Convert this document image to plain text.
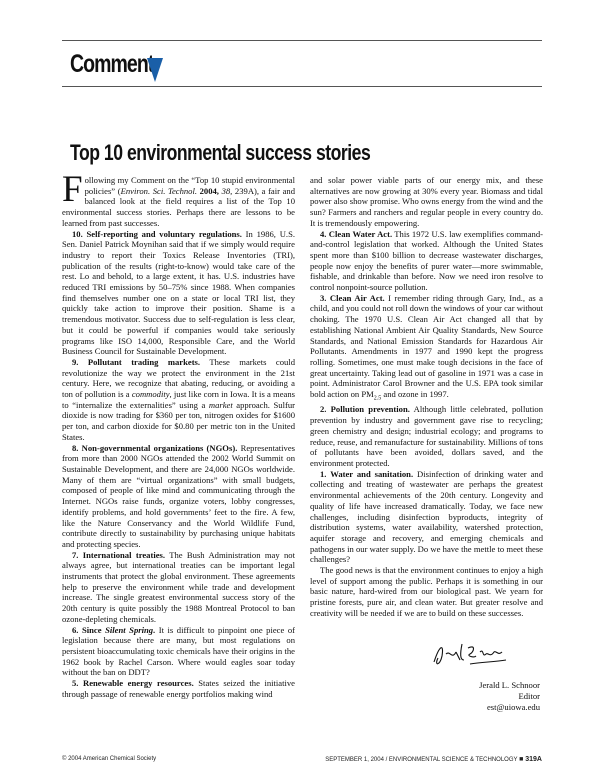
Comment
Top 10 environmental success stories

Following my Comment on the “Top 10 stupid environmental policies” (Environ. Sci. Technol. 2004, 38, 239A), a fair and balanced look at the field requires a list of the Top 10 environmental success stories. Perhaps there are lessons to be learned from past successes.

10. Self-reporting and voluntary regulations. In 1986, U.S. Sen. Daniel Patrick Moynihan said that if we simply would require industry to report their Toxics Release Inventories (TRI), publication of the results (right-to-know) would take care of the rest. Lo and behold, to a large extent, it has. U.S. industries have reduced TRI emissions by 50–75% since 1988. When companies find themselves number one on a state or local TRI list, they quickly take action to improve their position. Shame is a tremendous motivator. Success due to self-regulation is less clear, but it could be powerful if companies would take seriously programs like ISO 14,000, Responsible Care, and the World Business Council for Sustainable Development.

9. Pollutant trading markets. These markets could revolutionize the way we protect the environment in the 21st century. Here, we recognize that abating, reducing, or avoiding a ton of pollution is a commodity, just like corn in Iowa. It is a means to “internalize the externalities” using a market approach. Sulfur dioxide is now trading for $360 per ton, nitrogen oxides for $1600 per ton, and carbon dioxide for $0.80 per metric ton in the United States.

8. Non-governmental organizations (NGOs). Representatives from more than 2000 NGOs attended the 2002 World Summit on Sustainable Development, and there are 24,000 NGOs worldwide. Many of them are “virtual organizations” with small budgets, composed of people of like mind and communicating through the Internet. NGOs raise funds, organize voters, lobby congresses, identify problems, and hold governments’ feet to the fire. A few, like the Nature Conservancy and the World Wildlife Fund, contribute directly to sustainability by purchasing unique habitats and protecting species.

7. International treaties. The Bush Administration may not always agree, but international treaties can be important legal instruments that protect the global environment. These agreements help to preserve the environment while trade and development increase. The single greatest environmental success story of the 20th century is quite possibly the 1988 Montreal Protocol to ban ozone-depleting chemicals.

6. Since Silent Spring. It is difficult to pinpoint one piece of legislation because there are many, but most regulations on persistent bioaccumulating toxic chemicals have their origins in the 1962 book by Rachel Carson. Where would eagles soar today without the ban on DDT?

5. Renewable energy resources. States seized the initiative through passage of renewable energy portfolios making wind

and solar power viable parts of our energy mix, and these alternatives are now growing at 30% every year. Biomass and tidal power also show promise. Who owns energy from the wind and the sun? Farmers and ranchers and regular people in every country do. It is tremendously empowering.

4. Clean Water Act. This 1972 U.S. law exemplifies command-and-control legislation that worked. Although the United States spent more than $100 billion to decrease wastewater discharges, people now enjoy the benefits of purer water—more swimmable, fishable, and drinkable than before. Now we need iron resolve to control nonpoint-source pollution.

3. Clean Air Act. I remember riding through Gary, Ind., as a child, and you could not roll down the windows of your car without choking. The 1970 U.S. Clean Air Act changed all that by establishing National Ambient Air Quality Standards, New Source Standards, and National Emission Standards for Hazardous Air Pollutants. Amendments in 1977 and 1990 kept the progress rolling. Sometimes, one must make tough decisions in the face of great uncertainty. Taking lead out of gasoline in 1971 was a case in point. Administrator Carol Browner and the U.S. EPA took similar bold action on $PM_{2.5}$ and ozone in 1997.

2. Pollution prevention. Although little celebrated, pollution prevention by industry and government gave rise to recycling; green chemistry and design; industrial ecology; and programs to reduce, reuse, and remanufacture for sustainability. Millions of tons of pollutants have been avoided, dollars saved, and the environment protected.

1. Water and sanitation. Disinfection of drinking water and collecting and treating of wastewater are perhaps the greatest environmental achievements of the 20th century. Longevity and quality of life have increased dramatically. Today, we face new challenges, including disinfection byproducts, integrity of distribution systems, water availability, watershed protection, aquifer storage and recovery, and emerging chemicals and pathogens in our water supply. Do we have the mettle to meet these challenges?

The good news is that the environment continues to enjoy a high level of support among the public. Perhaps it is something in our basic nature, hard-wired from our biological past. We yearn for pristine forests, pure air, and clean water. But greater resolve and creativity will be needed if we are to build on these successes.

Jerald L. Schnoor
Editor
est@uiowa.edu
© 2004 American Chemical Society	SEPTEMBER 1, 2004 / ENVIRONMENTAL SCIENCE & TECHNOLOGY ■ 319A
